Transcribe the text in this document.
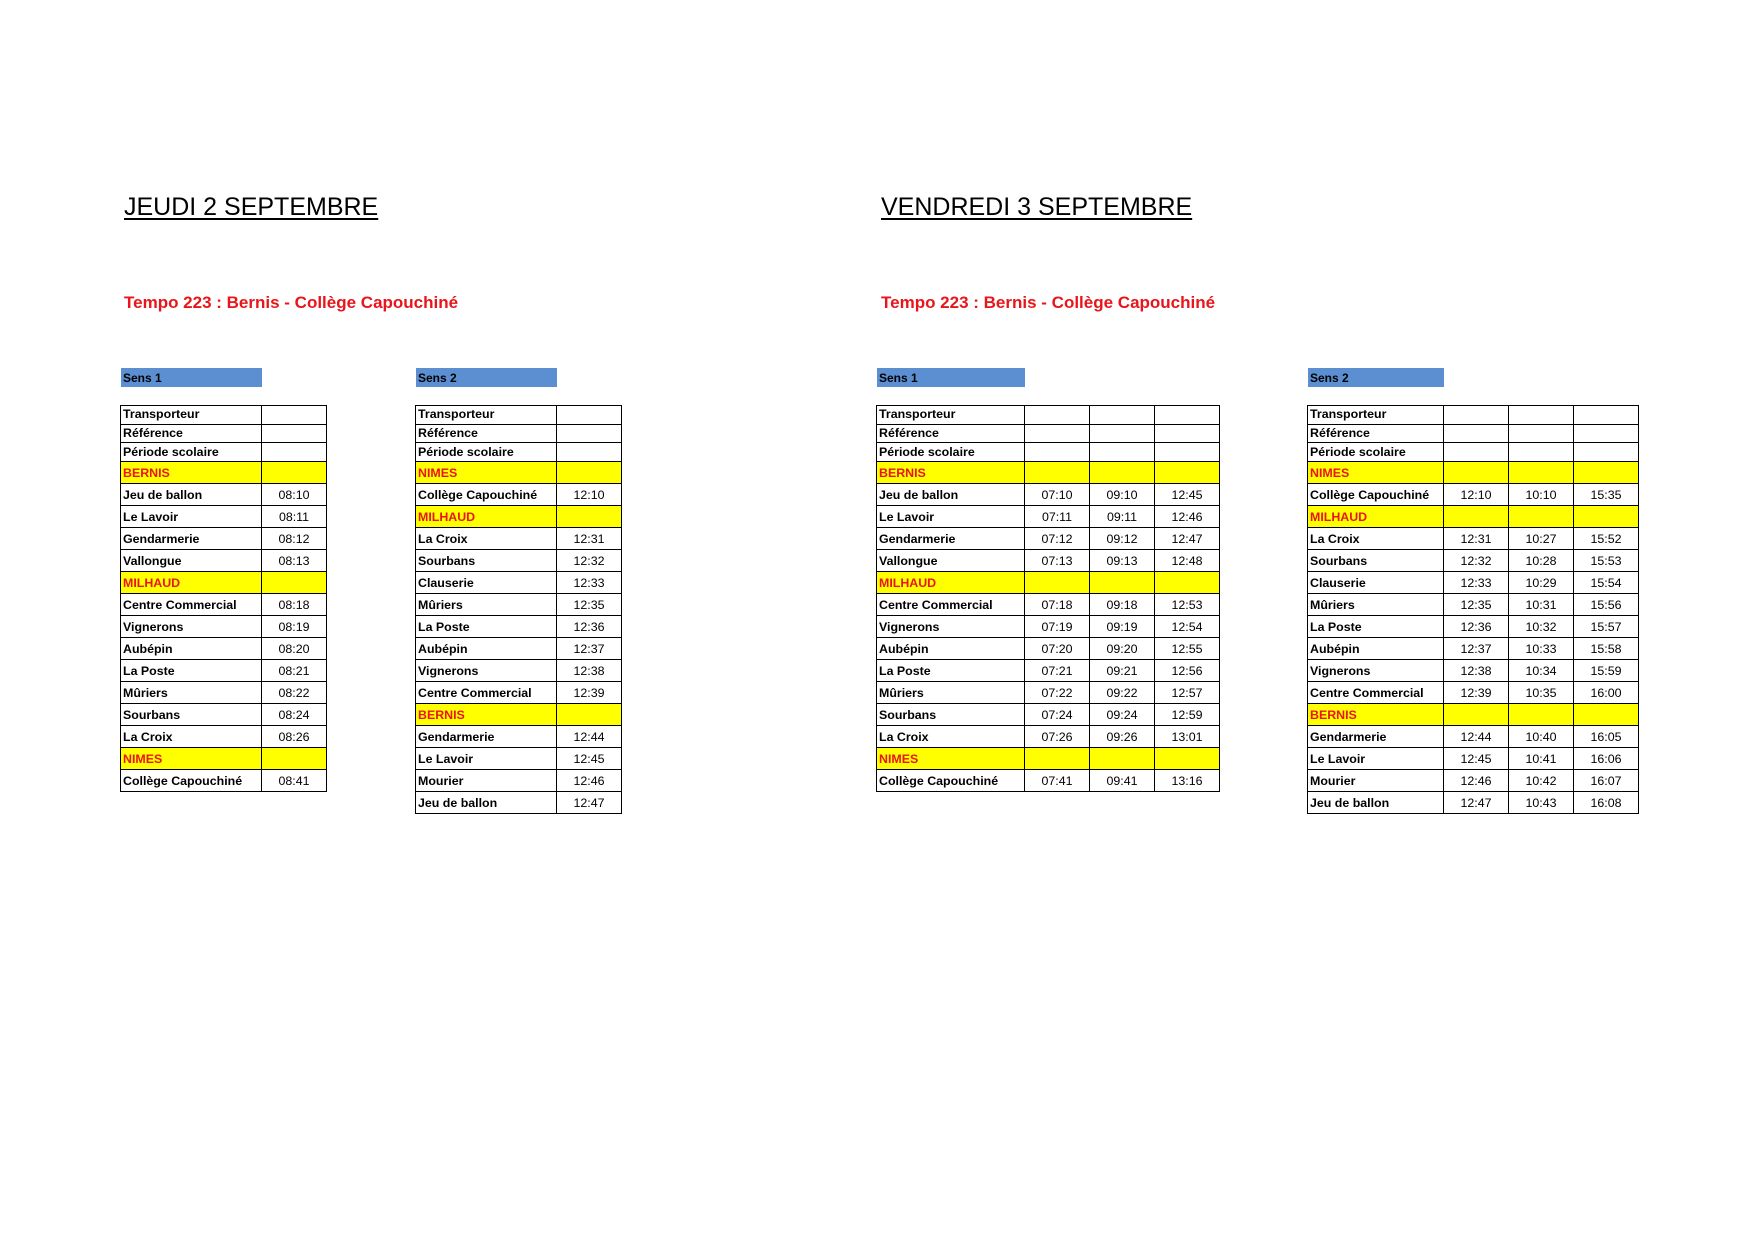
JEUDI 2 SEPTEMBRE
Tempo 223 : Bernis - Collège Capouchiné
Sens 1	Sens 2
Transporteur	
Référence	
Période scolaire	
BERNIS	
Jeu de ballon	08:10
Le Lavoir	08:11
Gendarmerie	08:12
Vallongue	08:13
MILHAUD	
Centre Commercial	08:18
Vignerons	08:19
Aubépin	08:20
La Poste	08:21
Mûriers	08:22
Sourbans	08:24
La Croix	08:26
NIMES	
Collège Capouchiné	08:41
Transporteur	
Référence	
Période scolaire	
NIMES	
Collège Capouchiné	12:10
MILHAUD	
La Croix	12:31
Sourbans	12:32
Clauserie	12:33
Mûriers	12:35
La Poste	12:36
Aubépin	12:37
Vignerons	12:38
Centre Commercial	12:39
BERNIS	
Gendarmerie	12:44
Le Lavoir	12:45
Mourier	12:46
Jeu de ballon	12:47
VENDREDI 3 SEPTEMBRE
Tempo 223 : Bernis - Collège Capouchiné
Sens 1	Sens 2
Transporteur			
Référence			
Période scolaire			
BERNIS			
Jeu de ballon	07:10	09:10	12:45
Le Lavoir	07:11	09:11	12:46
Gendarmerie	07:12	09:12	12:47
Vallongue	07:13	09:13	12:48
MILHAUD			
Centre Commercial	07:18	09:18	12:53
Vignerons	07:19	09:19	12:54
Aubépin	07:20	09:20	12:55
La Poste	07:21	09:21	12:56
Mûriers	07:22	09:22	12:57
Sourbans	07:24	09:24	12:59
La Croix	07:26	09:26	13:01
NIMES			
Collège Capouchiné	07:41	09:41	13:16
Transporteur			
Référence			
Période scolaire			
NIMES			
Collège Capouchiné	12:10	10:10	15:35
MILHAUD			
La Croix	12:31	10:27	15:52
Sourbans	12:32	10:28	15:53
Clauserie	12:33	10:29	15:54
Mûriers	12:35	10:31	15:56
La Poste	12:36	10:32	15:57
Aubépin	12:37	10:33	15:58
Vignerons	12:38	10:34	15:59
Centre Commercial	12:39	10:35	16:00
BERNIS			
Gendarmerie	12:44	10:40	16:05
Le Lavoir	12:45	10:41	16:06
Mourier	12:46	10:42	16:07
Jeu de ballon	12:47	10:43	16:08
